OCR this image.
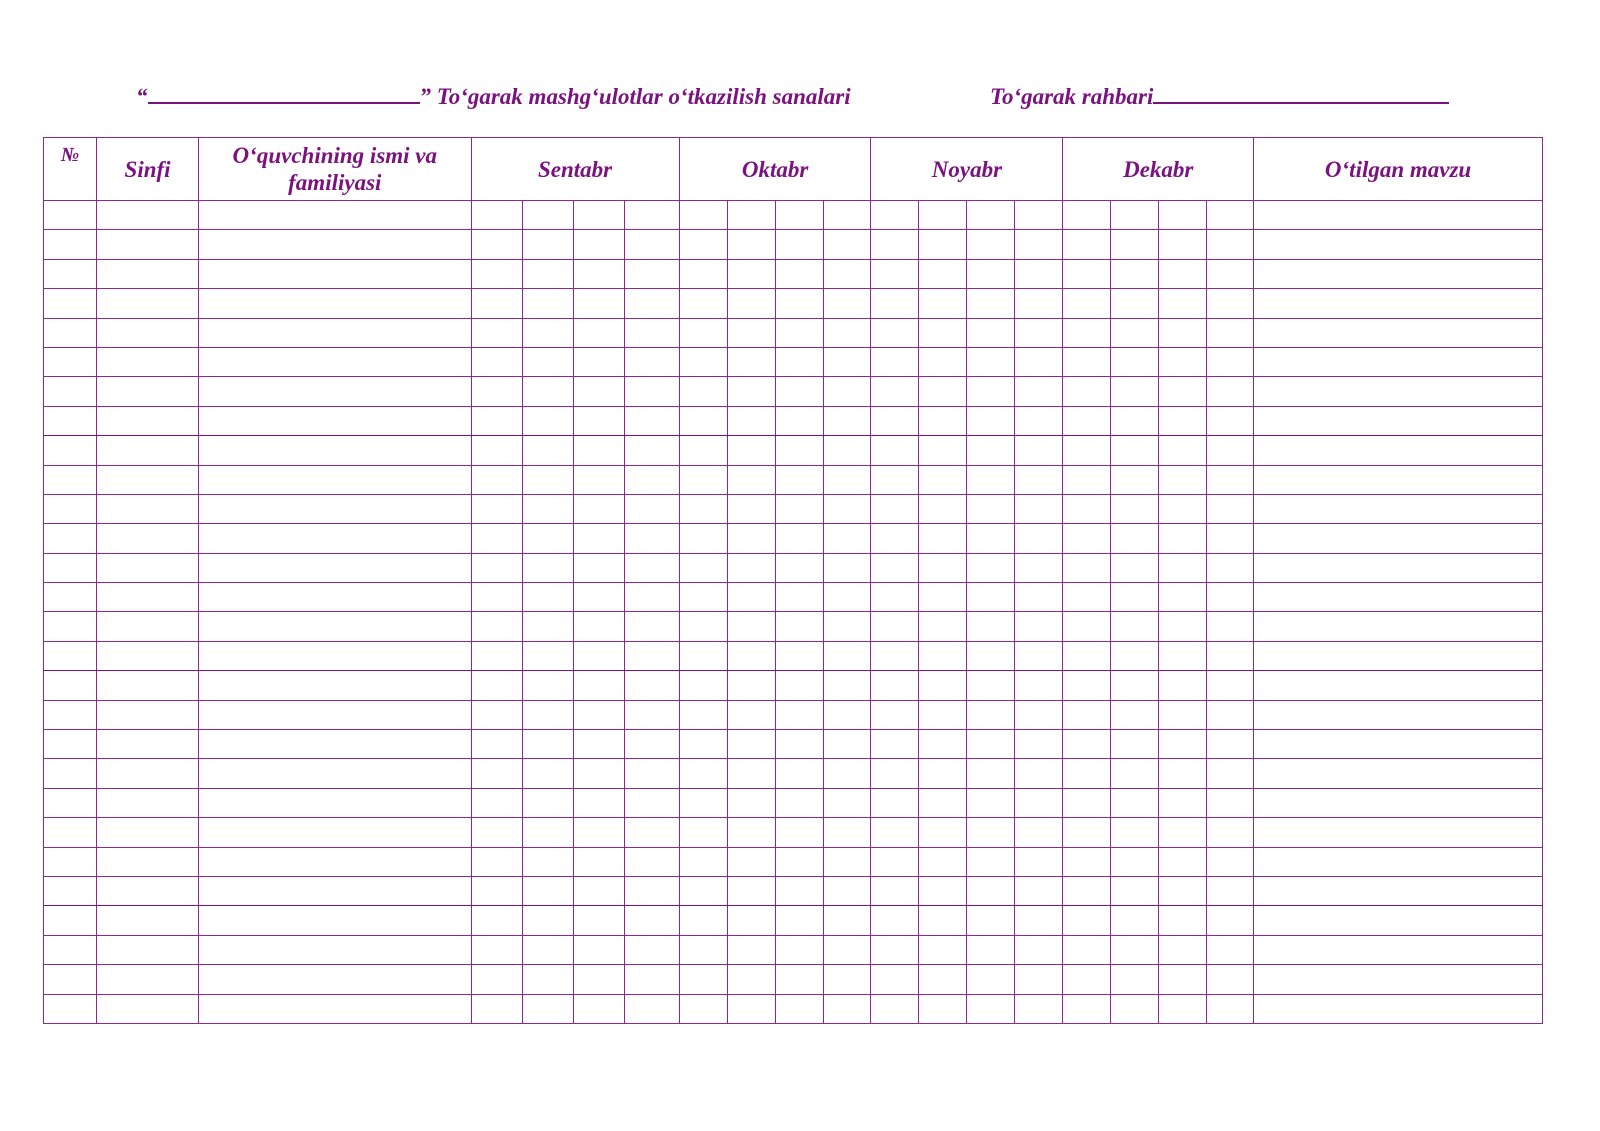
“	” To‘garak mashg‘ulotlar o‘tkazilish sanalari	To‘garak rahbari
№	Sinfi	O‘quvchining ismi va familiyasi	Sentabr				Oktabr				Noyabr				Dekabr				O‘tilgan mavzu
